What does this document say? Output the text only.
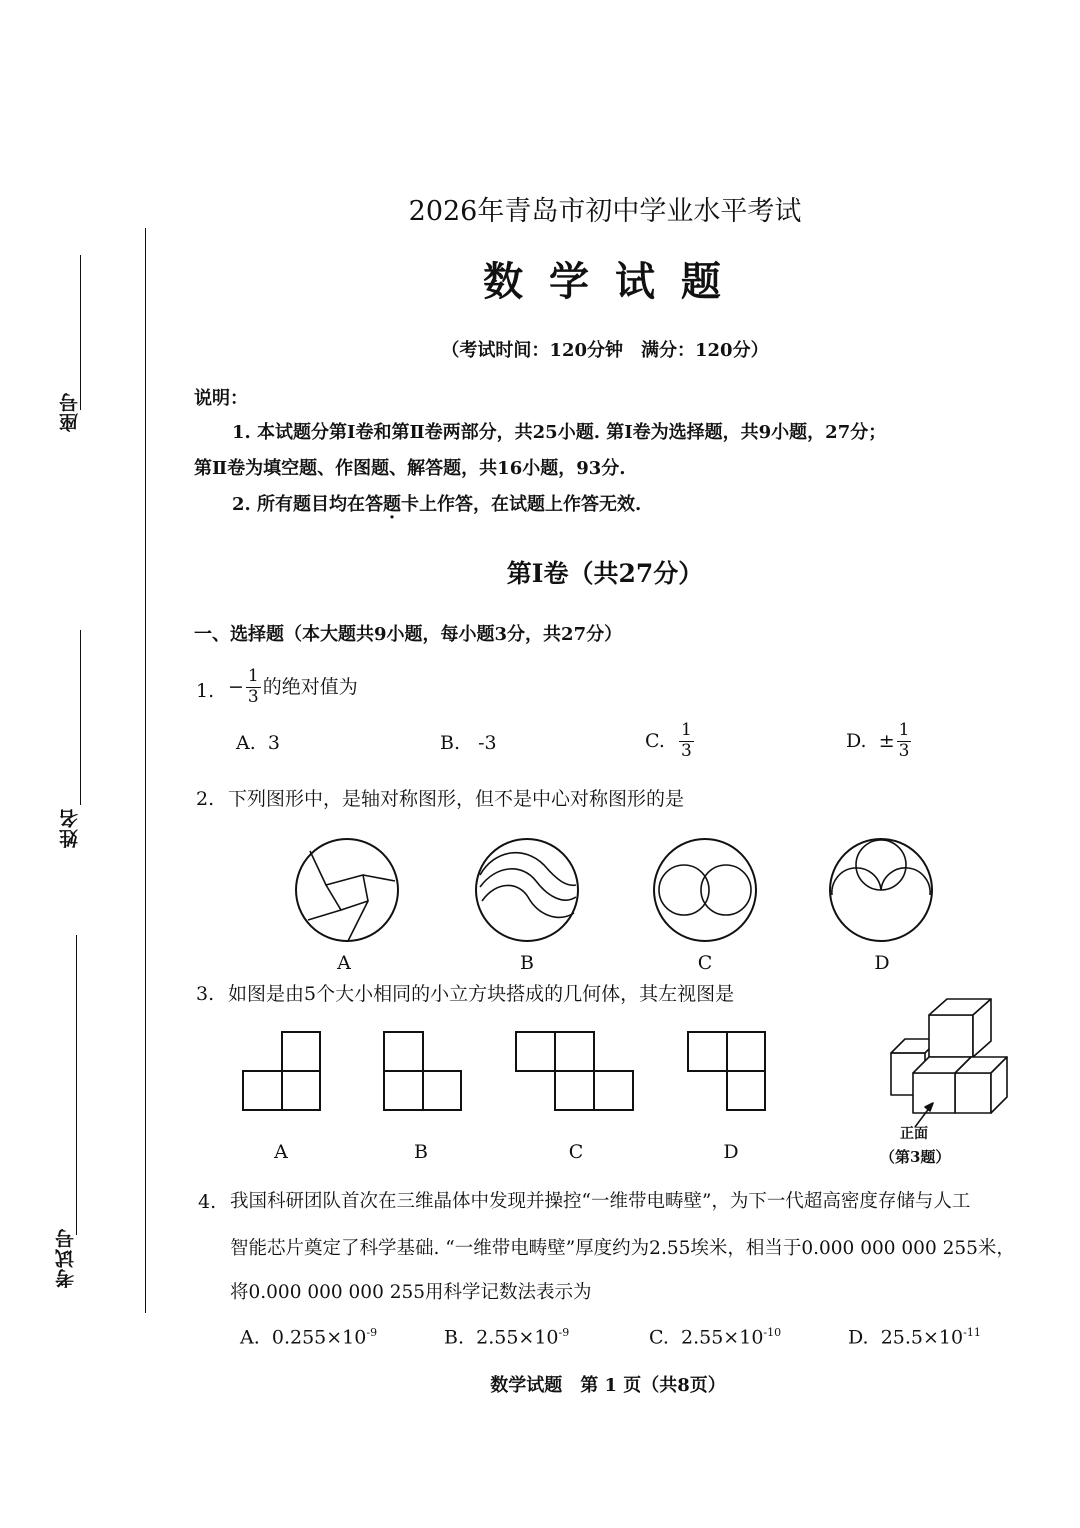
座号
姓名
考试号
2026年青岛市初中学业水平考试
数 学 试 题
（考试时间：120分钟　满分：120分）
说明：
1. 本试题分第Ⅰ卷和第Ⅱ卷两部分，共25小题. 第Ⅰ卷为选择题，共9小题，27分；
第Ⅱ卷为填空题、作图题、解答题，共16小题，93分.
2. 所有题目均在答题卡上作答，在试题上作答无效.
第Ⅰ卷（共27分）
一、选择题（本大题共9小题，每小题3分，共27分）
1. − $\frac{1}{3}$ 的绝对值为
A. 3	B. -3	C. $\frac{1}{3}$	D. ± $\frac{1}{3}$
2. 下列图形中，是轴对称图形，但不是中心对称图形的是
A	B	C	D
3. 如图是由5个大小相同的小立方块搭成的几何体，其左视图是
A	B	C	D
正面
（第3题）
4. 我国科研团队首次在三维晶体中发现并操控“一维带电畴壁”，为下一代超高密度存储与人工
智能芯片奠定了科学基础. “一维带电畴壁”厚度约为2.55埃米，相当于0.000 000 000 255米，
将0.000 000 000 255用科学记数法表示为
A. $0.255\times 10^{-9}$	B. $2.55\times 10^{-9}$	C. $2.55\times 10^{-10}$	D. $25.5\times 10^{-11}$
数学试题　第 1 页（共8页）
